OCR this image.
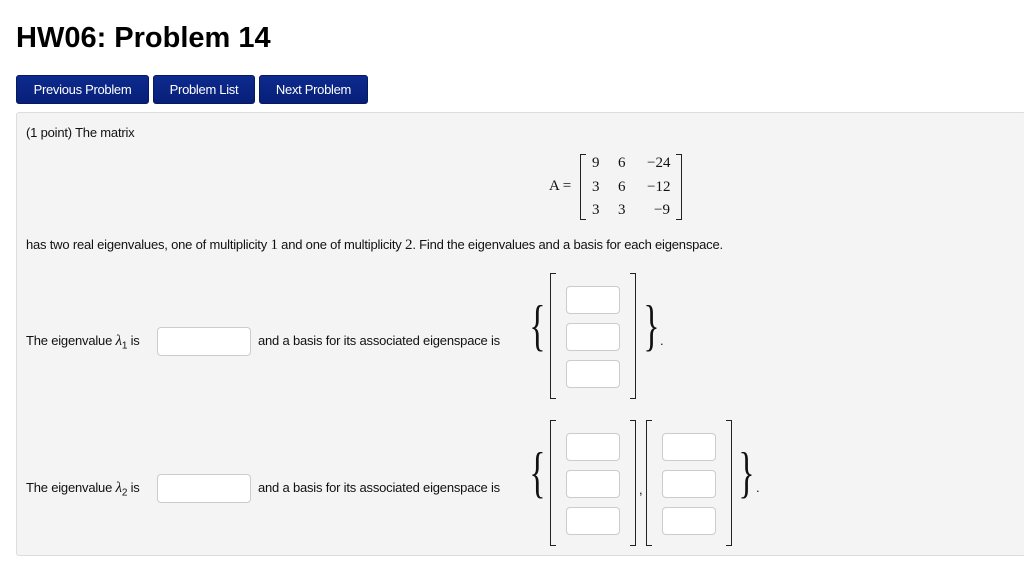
HW06: Problem 14
Previous Problem	Problem List	Next Problem
(1 point) The matrix
A =
9 6 −24
3 6 −12
3 3 −9
has two real eigenvalues, one of multiplicity 1 and one of multiplicity 2. Find the eigenvalues and a basis for each eigenspace.
The eigenvalue $\lambda_1$ is	and a basis for its associated eigenspace is { } .
The eigenvalue $\lambda_2$ is	and a basis for its associated eigenspace is {	, } .
